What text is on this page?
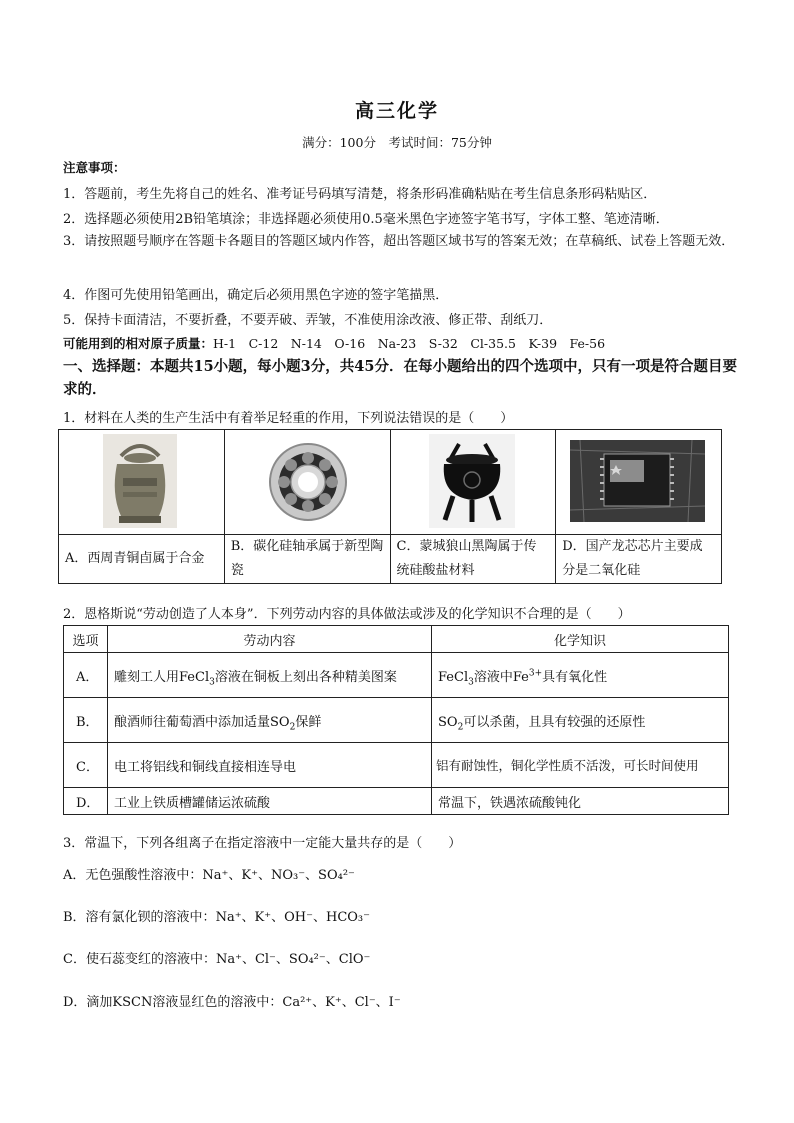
高三化学
满分：100分　考试时间：75分钟
注意事项：
1．答题前，考生先将自己的姓名、准考证号码填写清楚，将条形码准确粘贴在考生信息条形码粘贴区．
2．选择题必须使用2B铅笔填涂；非选择题必须使用0.5毫米黑色字迹签字笔书写，字体工整、笔迹清晰．
3．请按照题号顺序在答题卡各题目的答题区域内作答，超出答题区域书写的答案无效；在草稿纸、试卷上答题无效．
4．作图可先使用铅笔画出，确定后必须用黑色字迹的签字笔描黑．
5．保持卡面清洁，不要折叠，不要弄破、弄皱，不准使用涂改液、修正带、刮纸刀．
可能用到的相对原子质量：H-1　C-12　N-14　O-16　Na-23　S-32　Cl-35.5　K-39　Fe-56
一、选择题：本题共15小题，每小题3分，共45分．在每小题给出的四个选项中，只有一项是符合题目要求的．
1．材料在人类的生产生活中有着举足轻重的作用，下列说法错误的是（　　）

A．西周青铜卣属于合金	B．碳化硅轴承属于新型陶瓷	C．蒙城狼山黑陶属于传统硅酸盐材料	D．国产龙芯芯片主要成分是二氧化硅
2．恩格斯说“劳动创造了人本身”．下列劳动内容的具体做法或涉及的化学知识不合理的是（　　）
选项	劳动内容	化学知识
A．	雕刻工人用FeCl$_3$溶液在铜板上刻出各种精美图案	FeCl$_3$溶液中$Fe^{3+}$具有氧化性
B．	酿酒师往葡萄酒中添加适量$SO_2$保鲜	$SO_2$可以杀菌，且具有较强的还原性
C．	电工将铝线和铜线直接相连导电	铝有耐蚀性，铜化学性质不活泼，可长时间使用
D．	工业上铁质槽罐储运浓硫酸	常温下，铁遇浓硫酸钝化
3．常温下，下列各组离子在指定溶液中一定能大量共存的是（　　）
A．无色强酸性溶液中：Na⁺、K⁺、NO₃⁻、SO₄²⁻
B．溶有氯化钡的溶液中：Na⁺、K⁺、OH⁻、HCO₃⁻
C．使石蕊变红的溶液中：Na⁺、Cl⁻、SO₄²⁻、ClO⁻
D．滴加KSCN溶液显红色的溶液中：Ca²⁺、K⁺、Cl⁻、I⁻
